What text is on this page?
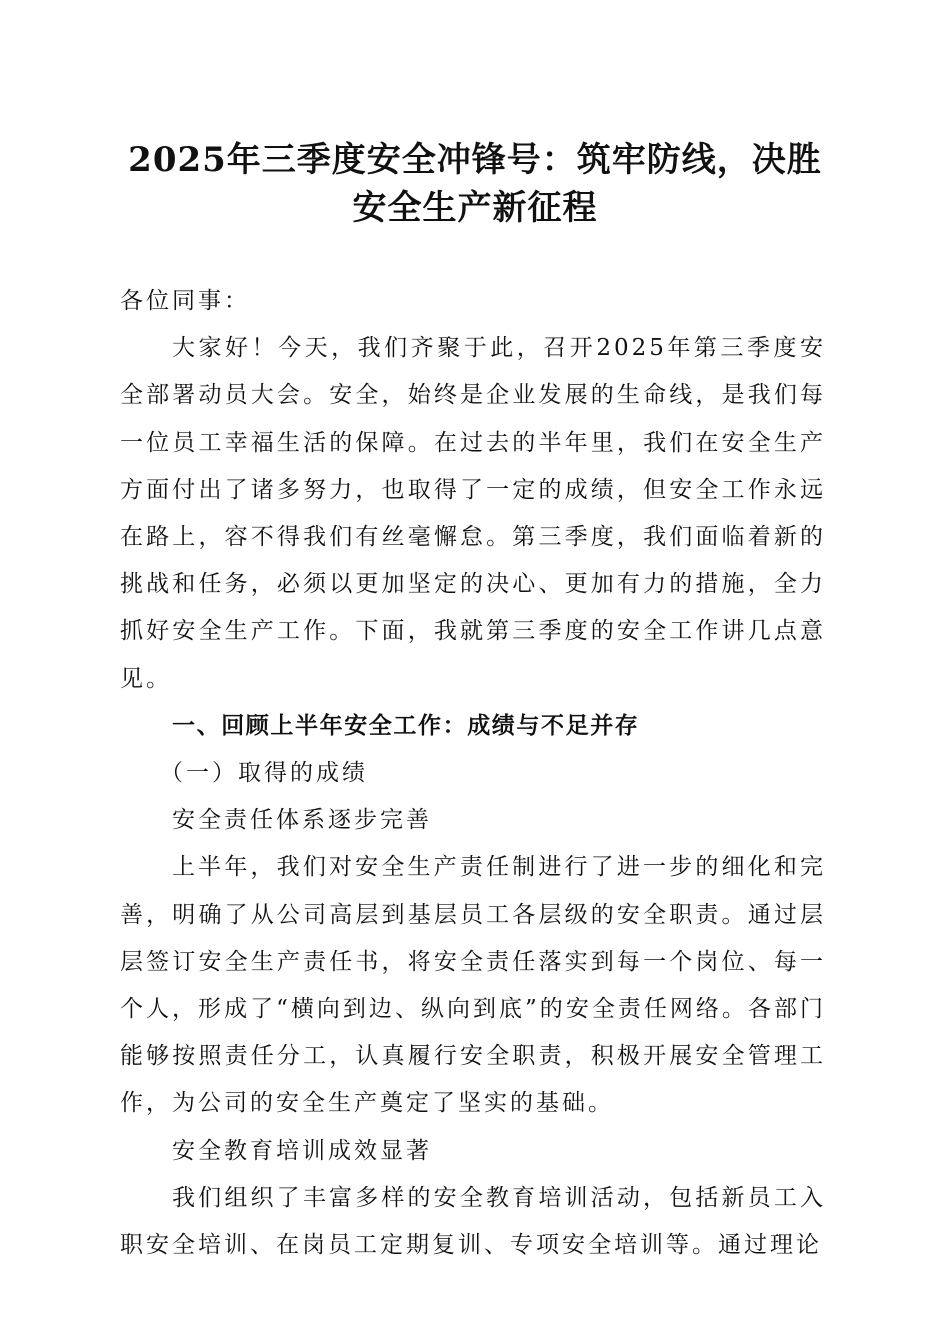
2025年三季度安全冲锋号：筑牢防线，决胜
安全生产新征程

各位同事：

大家好！今天，我们齐聚于此，召开2025年第三季度安全部署动员大会。安全，始终是企业发展的生命线，是我们每一位员工幸福生活的保障。在过去的半年里，我们在安全生产方面付出了诸多努力，也取得了一定的成绩，但安全工作永远在路上，容不得我们有丝毫懈怠。第三季度，我们面临着新的挑战和任务，必须以更加坚定的决心、更加有力的措施，全力抓好安全生产工作。下面，我就第三季度的安全工作讲几点意见。

一、回顾上半年安全工作：成绩与不足并存

（一）取得的成绩

安全责任体系逐步完善

上半年，我们对安全生产责任制进行了进一步的细化和完善，明确了从公司高层到基层员工各层级的安全职责。通过层层签订安全生产责任书，将安全责任落实到每一个岗位、每一个人，形成了“横向到边、纵向到底”的安全责任网络。各部门能够按照责任分工，认真履行安全职责，积极开展安全管理工作，为公司的安全生产奠定了坚实的基础。

安全教育培训成效显著

我们组织了丰富多样的安全教育培训活动，包括新员工入职安全培训、在岗员工定期复训、专项安全培训等。通过理论
